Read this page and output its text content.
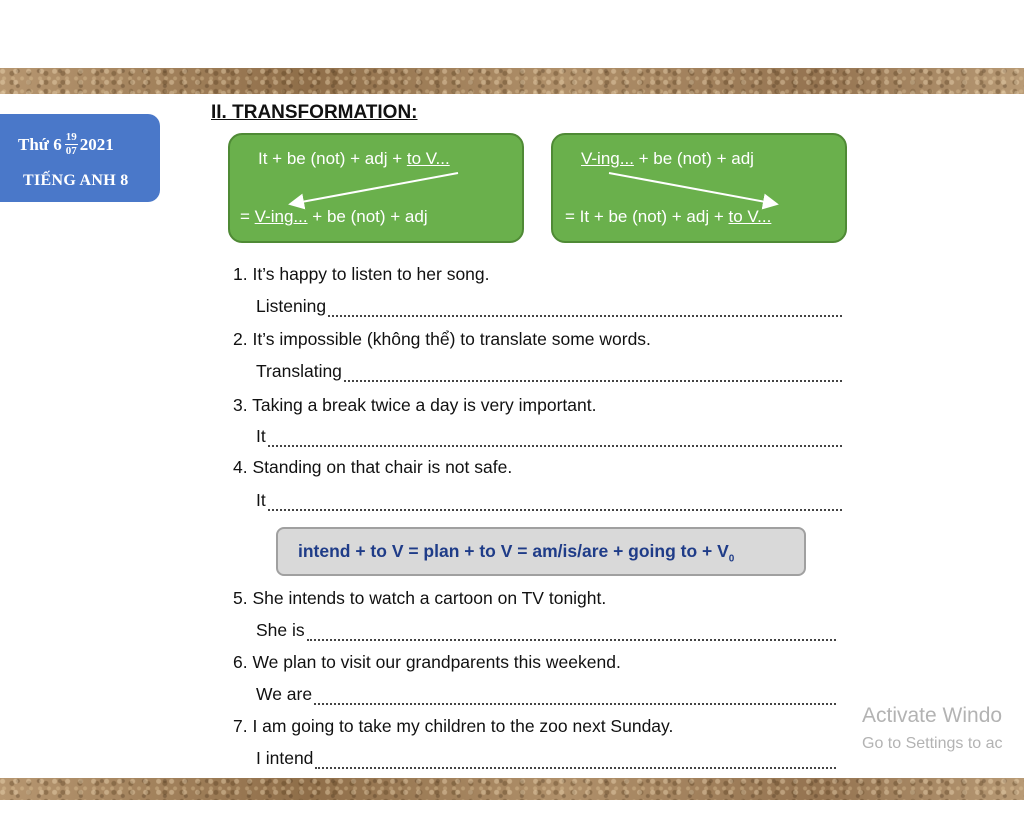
Thứ $6 \frac{19}{07} 2021$
TIẾNG ANH 8
II. TRANSFORMATION:
It + be (not) + adj + to V...
= V-ing... + be (not) + adj
V-ing... + be (not) + adj
= It + be (not) + adj + to V...
1. It’s happy to listen to her song.
Listening
2. It’s impossible (không thể) to translate some words.
Translating
3. Taking a break twice a day is very important.
It
4. Standing on that chair is not safe.
It
intend + to V = plan + to V = am/is/are + going to + $V_0$
5. She intends to watch a cartoon on TV tonight.
She is
6. We plan to visit our grandparents this weekend.
We are
7. I am going to take my children to the zoo next Sunday.
I intend
Activate Windo
Go to Settings to ac
